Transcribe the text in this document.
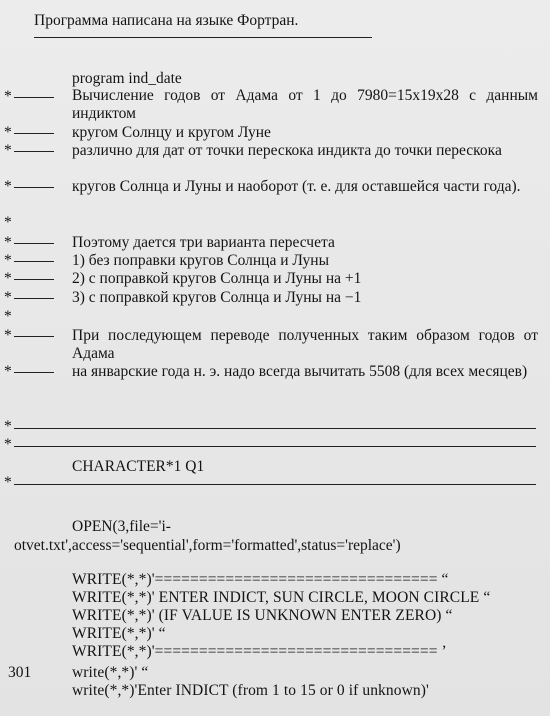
Программа написана на языке Фортран.
program ind_date
*	Вычисление годов от Адама от 1 до 7980=15x19x28 с данным индиктом
*	кругом Солнцу и кругом Луне
*	различно для дат от точки перескока индикта до точки перескока
*	кругов Солнца и Луны и наоборот (т. е. для оставшейся части года).
*
*	Поэтому дается три варианта пересчета
*	1) без поправки кругов Солнца и Луны
*	2) с поправкой кругов Солнца и Луны на +1
*	3) с поправкой кругов Солнца и Луны на −1
*
*	При последующем переводе полученных таким образом годов от Адама
*	на январские года н. э. надо всегда вычитать 5508 (для всех месяцев)
*
*
CHARACTER*1 Q1
*
OPEN(3,file='i-
otvet.txt',access='sequential',form='formatted',status='replace')
WRITE(*,*)'================================ “
WRITE(*,*)' ENTER INDICT, SUN CIRCLE, MOON CIRCLE “
WRITE(*,*)' (IF VALUE IS UNKNOWN ENTER ZERO) “
WRITE(*,*)' “
WRITE(*,*)'================================ ’
301	write(*,*)' “
write(*,*)'Enter INDICT (from 1 to 15 or 0 if unknown)'
